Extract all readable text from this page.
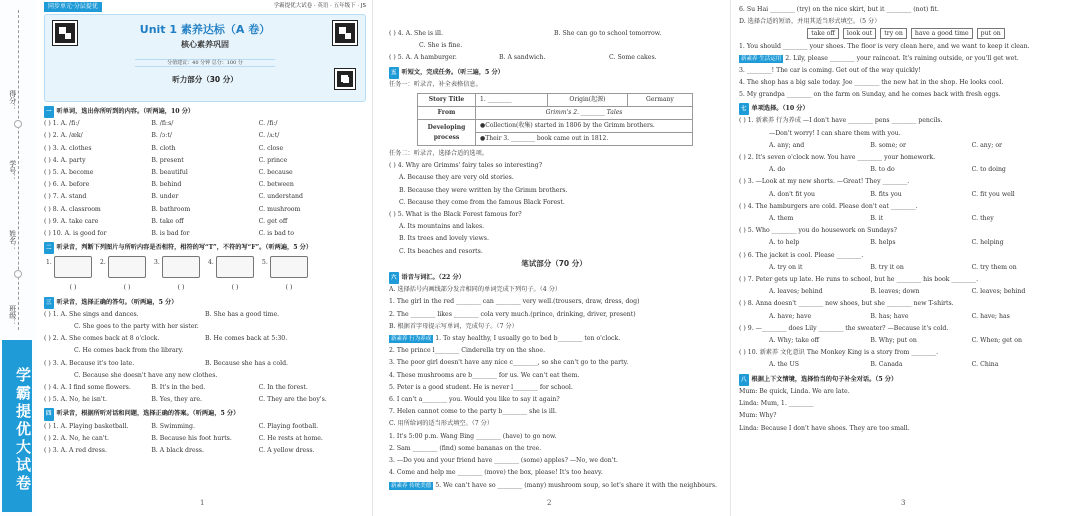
得分：
学号：
姓名：
班级：
学霸提优大试卷
同步单元·分层提优	学霸提优大试卷 · 英语 · 五年级下 · JS
Unit 1 素养达标（A 卷）
核心素养巩固
分值建议：40 分钟 总分：100 分
听力部分（30 分）
一 听单词，选出你所听到的内容。（听两遍，10 分）
( ) 1. A. /fiː/	B. /fiːs/	C. /fiː/
( ) 2. A. /æk/	B. /ɔːt/	C. /ʌːt/
( ) 3. A. clothes	B. cloth	C. close
( ) 4. A. party	B. present	C. prince
( ) 5. A. become	B. beautiful	C. because
( ) 6. A. before	B. behind	C. between
( ) 7. A. stand	B. under	C. understand
( ) 8. A. classroom	B. bathroom	C. mushroom
( ) 9. A. take care	B. take off	C. get off
( ) 10. A. is good for	B. is bad for	C. is bad to
二 听录音，判断下列图片与所听内容是否相符，相符的写“T”，不符的写“F”。（听两遍，5 分）
1.	2.	3.	4.	5.
( )	( )	( )	( )	( )
三 听录音，选择正确的答句。（听两遍，5 分）
( ) 1. A. She sings and dances.	B. She has a good time.
C. She goes to the party with her sister.
( ) 2. A. She comes back at 8 o'clock.	B. He comes back at 5:30.
C. He comes back from the library.
( ) 3. A. Because it's too late.	B. Because she has a cold.
C. Because she doesn't have any new clothes.
( ) 4. A. I find some flowers.	B. It's in the bed.	C. In the forest.
( ) 5. A. No, he isn't.	B. Yes, they are.	C. They are the boy's.
四 听录音，根据所听对话和问题，选择正确的答案。（听两遍，5 分）
( ) 1. A. Playing basketball.	B. Swimming.	C. Playing football.
( ) 2. A. No, he can't.	B. Because his foot hurts.	C. He rests at home.
( ) 3. A. A red dress.	B. A black dress.	C. A yellow dress.
1
( ) 4. A. She is ill.	B. She can go to school tomorrow.
C. She is fine.
( ) 5. A. A hamburger.	B. A sandwich.	C. Some cakes.
五 听短文，完成任务。（听三遍，5 分）
任务一：听录音，补全表格信息。
Story Title	1. ________	Origin(起源)	Germany
From	Grimm's 2. ________ Tales		
Developing process	●Collection(收集) started in 1806 by the Grimm brothers.		
	●Their 3. ________ book came out in 1812.		
任务二：听录音，选择合适的选项。
( ) 4. Why are Grimms' fairy tales so interesting?
A. Because they are very old stories.
B. Because they were written by the Grimm brothers.
C. Because they come from the famous Black Forest.
( ) 5. What is the Black Forest famous for?
A. Its mountains and lakes.
B. Its trees and lovely views.
C. Its beaches and resorts.
笔试部分（70 分）
六 语音与词汇。（22 分）
A. 选择括号内画线部分发音相同的单词完成下列句子。（4 分）
1. The girl in the red ________ can ________ very well.(trousers, draw, dress, dog)
2. The ________ likes ________ cola very much.(prince, drinking, driver, present)
B. 根据首字母提示写单词，完成句子。（7 分）
新素养 行为养成 1. To stay healthy, I usually go to bed b________ ten o'clock.
2. The prince l________ Cinderella try on the shoe.
3. The poor girl doesn't have any nice c________, so she can't go to the party.
4. These mushrooms are b________ for us. We can't eat them.
5. Peter is a good student. He is never l________ for school.
6. I can't a________ you. Would you like to say it again?
7. Helen cannot come to the party b________ she is ill.
C. 用所给词的适当形式填空。（7 分）
1. It's 5:00 p.m. Wang Bing ________ (have) to go now.
2. Sam ________ (find) some bananas on the tree.
3. —Do you and your friend have ________ (some) apples? —No, we don't.
4. Come and help me ________ (move) the box, please! It's too heavy.
新素养 传统美德 5. We can't have so ________ (many) mushroom soup, so let's share it with the neighbours.
2
6. Su Hai ________ (try) on the nice skirt, but it ________ (not) fit.
D. 选择合适的短语，并用其适当形式填空。（5 分）
take off look out try on have a good time put on
1. You should ________ your shoes. The floor is very clean here, and we want to keep it clean.
新素养 生活运用 2. Lily, please ________ your raincoat. It's raining outside, or you'll get wet.
3. ________! The car is coming. Get out of the way quickly!
4. The shop has a big sale today. Joe ________ the new hat in the shop. He looks cool.
5. My grandpa ________ on the farm on Sunday, and he comes back with fresh eggs.
七 单项选择。（10 分）
( ) 1. 新素养 行为养成 —I don't have ________ pens ________ pencils.
—Don't worry! I can share them with you.
A. any; and	B. some; or	C. any; or
( ) 2. It's seven o'clock now. You have ________ your homework.
A. do	B. to do	C. to doing
( ) 3. —Look at my new shorts. —Great! They ________.
A. don't fit you	B. fits you	C. fit you well
( ) 4. The hamburgers are cold. Please don't eat ________.
A. them	B. it	C. they
( ) 5. Who ________ you do housework on Sundays?
A. to help	B. helps	C. helping
( ) 6. The jacket is cool. Please ________.
A. try on it	B. try it on	C. try them on
( ) 7. Peter gets up late. He runs to school, but he ________ his book ________.
A. leaves; behind	B. leaves; down	C. leaves; behind
( ) 8. Anna doesn't ________ new shoes, but she ________ new T-shirts.
A. have; have	B. has; have	C. have; has
( ) 9. —________ does Lily ________ the sweater? —Because it's cold.
A. Why; take off	B. Why; put on	C. When; get on
( ) 10. 新素养 文化意识 The Monkey King is a story from ________.
A. the US	B. Canada	C. China
八 根据上下文情境，选择恰当的句子补全对话。（5 分）
Mum: Be quick, Linda. We are late.
Linda: Mum, 1. ________
Mum: Why?
Linda: Because I don't have shoes. They are too small.
3
